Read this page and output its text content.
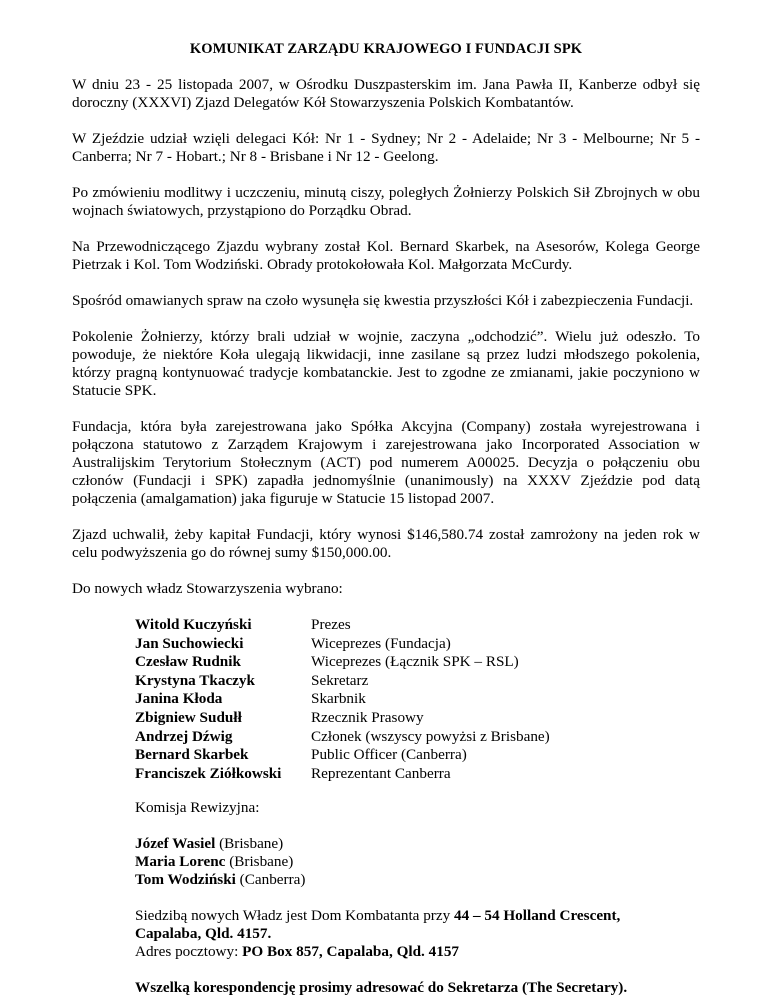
KOMUNIKAT ZARZĄDU KRAJOWEGO I FUNDACJI SPK

W dniu 23 - 25 listopada 2007, w Ośrodku Duszpasterskim im. Jana Pawła II, Kanberze odbył się doroczny (XXXVI) Zjazd Delegatów Kół Stowarzyszenia Polskich Kombatantów.

W Zjeździe udział wzięli delegaci Kół: Nr 1 - Sydney; Nr 2 - Adelaide; Nr 3 - Melbourne; Nr 5 - Canberra; Nr 7 - Hobart.; Nr 8 - Brisbane i Nr 12 - Geelong.

Po zmówieniu modlitwy i uczczeniu, minutą ciszy, poległych Żołnierzy Polskich Sił Zbrojnych w obu wojnach światowych, przystąpiono do Porządku Obrad.

Na Przewodniczącego Zjazdu wybrany został Kol. Bernard Skarbek, na Asesorów, Kolega George Pietrzak i Kol. Tom Wodziński. Obrady protokołowała Kol. Małgorzata McCurdy.

Spośród omawianych spraw na czoło wysunęła się kwestia przyszłości Kół i zabezpieczenia Fundacji.

Pokolenie Żołnierzy, którzy brali udział w wojnie, zaczyna „odchodzić”. Wielu już odeszło. To powoduje, że niektóre Koła ulegają likwidacji, inne zasilane są przez ludzi młodszego pokolenia, którzy pragną kontynuować tradycje kombatanckie. Jest to zgodne ze zmianami, jakie poczyniono w Statucie SPK.

Fundacja, która była zarejestrowana jako Spółka Akcyjna (Company) została wyrejestrowana i połączona statutowo z Zarządem Krajowym i zarejestrowana jako Incorporated Association w Australijskim Terytorium Stołecznym (ACT) pod numerem A00025. Decyzja o połączeniu obu członów (Fundacji i SPK) zapadła jednomyślnie (unanimously) na XXXV Zjeździe pod datą połączenia (amalgamation) jaka figuruje w Statucie 15 listopad 2007.

Zjazd uchwalił, żeby kapitał Fundacji, który wynosi $146,580.74 został zamrożony na jeden rok w celu podwyższenia go do równej sumy $150,000.00.

Do nowych władz Stowarzyszenia wybrano:

Witold Kuczyński	Prezes
Jan Suchowiecki	Wiceprezes (Fundacja)
Czesław Rudnik	Wiceprezes (Łącznik SPK – RSL)
Krystyna Tkaczyk	Sekretarz
Janina Kłoda	Skarbnik
Zbigniew Sudułł	Rzecznik Prasowy
Andrzej Dźwig	Członek (wszyscy powyżsi z Brisbane)
Bernard Skarbek	Public Officer (Canberra)
Franciszek Ziółkowski	Reprezentant Canberra
Komisja Rewizyjna:
Józef Wasiel (Brisbane)
Maria Lorenc (Brisbane)
Tom Wodziński (Canberra)
Siedzibą nowych Władz jest Dom Kombatanta przy 44 – 54 Holland Crescent,
Capalaba, Qld. 4157.
Adres pocztowy: PO Box 857, Capalaba, Qld. 4157
Wszelką korespondencję prosimy adresować do Sekretarza (The Secretary).
